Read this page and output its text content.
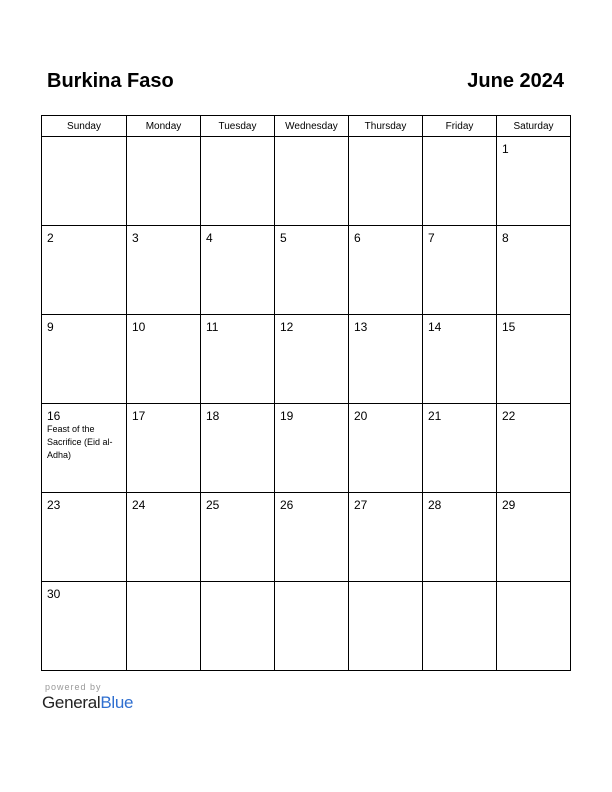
Burkina Faso	June 2024
Sunday	Monday	Tuesday	Wednesday	Thursday	Friday	Saturday

						1

2	3	4	5	6	7	8

9	10	11	12	13	14	15

16
Feast of the Sacrifice (Eid al-Adha)	17	18	19	20	21	22

23	24	25	26	27	28	29

30						

powered by
GeneralBlue
